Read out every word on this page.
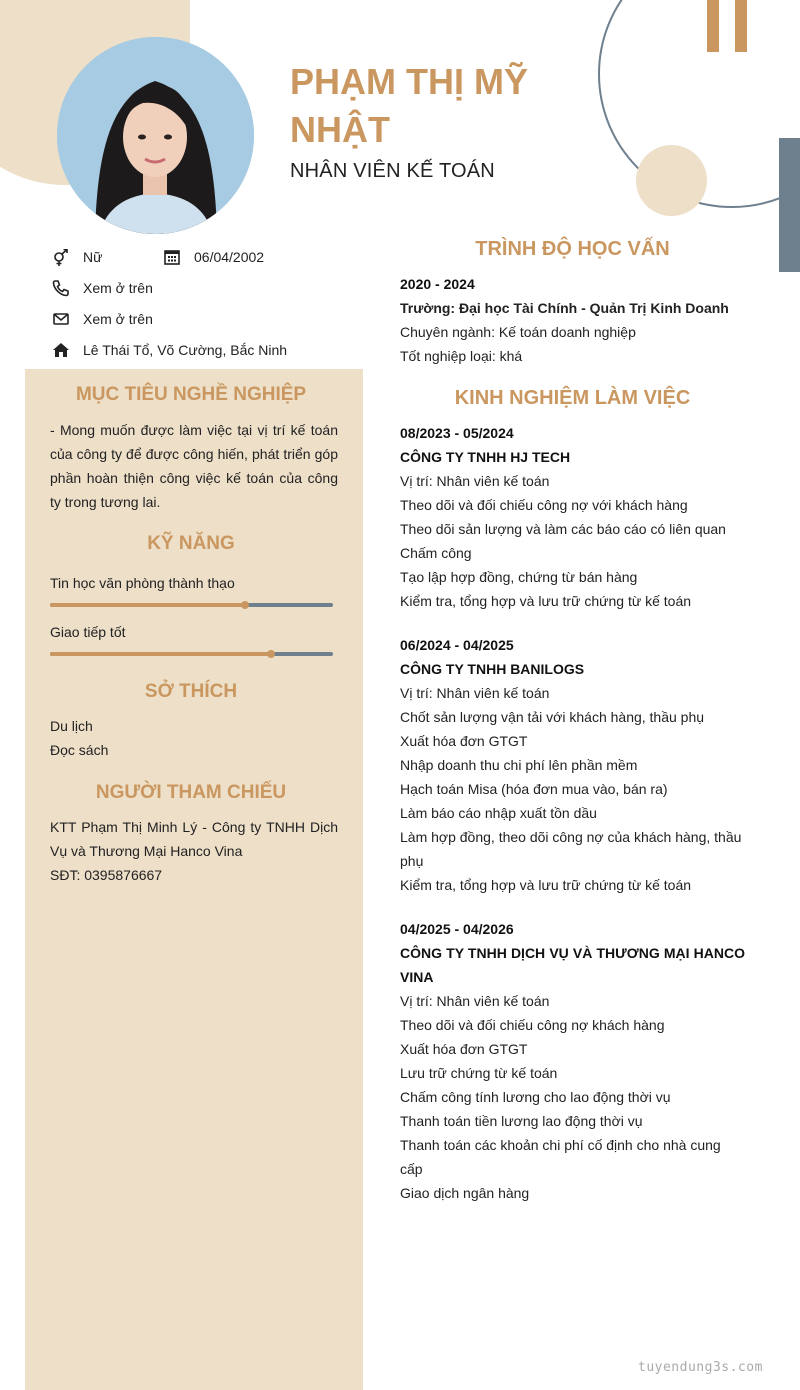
PHẠM THỊ MỸ NHẬT
NHÂN VIÊN KẾ TOÁN
Nữ	06/04/2002
Xem ở trên
Xem ở trên
Lê Thái Tổ, Võ Cường, Bắc Ninh
MỤC TIÊU NGHỀ NGHIỆP
- Mong muốn được làm việc tại vị trí kế toán của công ty để được công hiến, phát triển góp phần hoàn thiện công việc kế toán của công ty trong tương lai.
KỸ NĂNG
Tin học văn phòng thành thạo
Giao tiếp tốt
SỞ THÍCH
Du lịch
Đọc sách
NGƯỜI THAM CHIẾU
KTT Phạm Thị Minh Lý - Công ty TNHH Dịch Vụ và Thương Mại Hanco Vina
SĐT: 0395876667
TRÌNH ĐỘ HỌC VẤN
2020 - 2024
Trường: Đại học Tài Chính - Quản Trị Kinh Doanh
Chuyên ngành: Kế toán doanh nghiệp
Tốt nghiệp loại: khá
KINH NGHIỆM LÀM VIỆC
08/2023 - 05/2024
CÔNG TY TNHH HJ TECH
Vị trí: Nhân viên kế toán
Theo dõi và đối chiếu công nợ với khách hàng
Theo dõi sản lượng và làm các báo cáo có liên quan
Chấm công
Tạo lập hợp đồng, chứng từ bán hàng
Kiểm tra, tổng hợp và lưu trữ chứng từ kế toán
06/2024 - 04/2025
CÔNG TY TNHH BANILOGS
Vị trí: Nhân viên kế toán
Chốt sản lượng vận tải với khách hàng, thầu phụ
Xuất hóa đơn GTGT
Nhập doanh thu chi phí lên phần mềm
Hạch toán Misa (hóa đơn mua vào, bán ra)
Làm báo cáo nhập xuất tồn dầu
Làm hợp đồng, theo dõi công nợ của khách hàng, thầu phụ
Kiểm tra, tổng hợp và lưu trữ chứng từ kế toán
04/2025 - 04/2026
CÔNG TY TNHH DỊCH VỤ VÀ THƯƠNG MẠI HANCO VINA
Vị trí: Nhân viên kế toán
Theo dõi và đối chiếu công nợ khách hàng
Xuất hóa đơn GTGT
Lưu trữ chứng từ kế toán
Chấm công tính lương cho lao động thời vụ
Thanh toán tiền lương lao động thời vụ
Thanh toán các khoản chi phí cố định cho nhà cung cấp
Giao dịch ngân hàng
tuyendung3s.com
